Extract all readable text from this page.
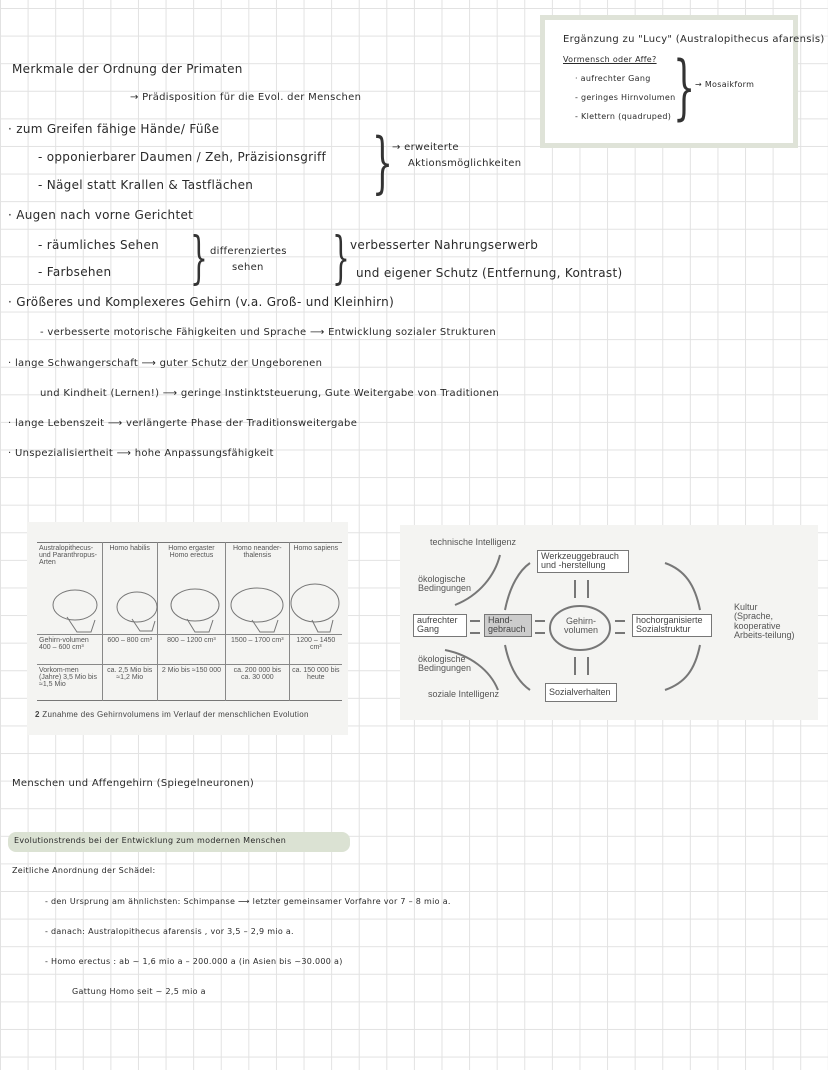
Ergänzung zu "Lucy" (Australopithecus afarensis)
Vormensch oder Affe?
· aufrechter Gang
- geringes Hirnvolumen
- Klettern (quadruped) } → Mosaikform
Merkmale der Ordnung der Primaten
→ Prädisposition für die Evol. der Menschen
· zum Greifen fähige Hände/ Füße
- opponierbarer Daumen / Zeh, Präzisionsgriff
- Nägel statt Krallen & Tastflächen } → erweiterte
Aktionsmöglichkeiten
· Augen nach vorne Gerichtet
- räumliches Sehen
- Farbsehen } differenziertes
sehen } verbesserter Nahrungserwerb
und eigener Schutz (Entfernung, Kontrast)
· Größeres und Komplexeres Gehirn (v.a. Groß- und Kleinhirn)
- verbesserte motorische Fähigkeiten und Sprache ⟶ Entwicklung sozialer Strukturen
· lange Schwangerschaft ⟶ guter Schutz der Ungeborenen
und Kindheit (Lernen!) ⟶ geringe Instinktsteuerung, Gute Weitergabe von Traditionen
· lange Lebenszeit ⟶ verlängerte Phase der Traditionsweitergabe
· Unspezialisiertheit ⟶ hohe Anpassungsfähigkeit
Australopithecus- und Paranthropus-Arten	Homo habilis	Homo ergaster Homo erectus	Homo neander-thalensis	Homo sapiens
Gehirn-volumen 400 – 600 cm³	600 – 800 cm³	800 – 1200 cm³	1500 – 1700 cm³	1200 – 1450 cm³
Vorkom-men (Jahre) 3,5 Mio bis ≈1,5 Mio	ca. 2,5 Mio bis ≈1,2 Mio	2 Mio bis ≈150 000	ca. 200 000 bis ca. 30 000	ca. 150 000 bis heute
2 Zunahme des Gehirnvolumens im Verlauf der menschlichen Evolution
technische Intelligenz
ökologische Bedingungen
ökologische Bedingungen
soziale Intelligenz
Werkzeuggebrauch und -herstellung
aufrechter Gang
Hand-gebrauch
Gehirn-volumen
hochorganisierte Sozialstruktur
Sozialverhalten
Kultur (Sprache, kooperative Arbeits-teilung)
Menschen und Affengehirn (Spiegelneuronen)
Evolutionstrends bei der Entwicklung zum modernen Menschen
Zeitliche Anordnung der Schädel:
- den Ursprung am ähnlichsten: Schimpanse ⟶ letzter gemeinsamer Vorfahre vor 7 – 8 mio a.
- danach: Australopithecus afarensis , vor 3,5 – 2,9 mio a.
- Homo erectus : ab ~ 1,6 mio a – 200.000 a (in Asien bis ~30.000 a)
Gattung Homo seit ~ 2,5 mio a
